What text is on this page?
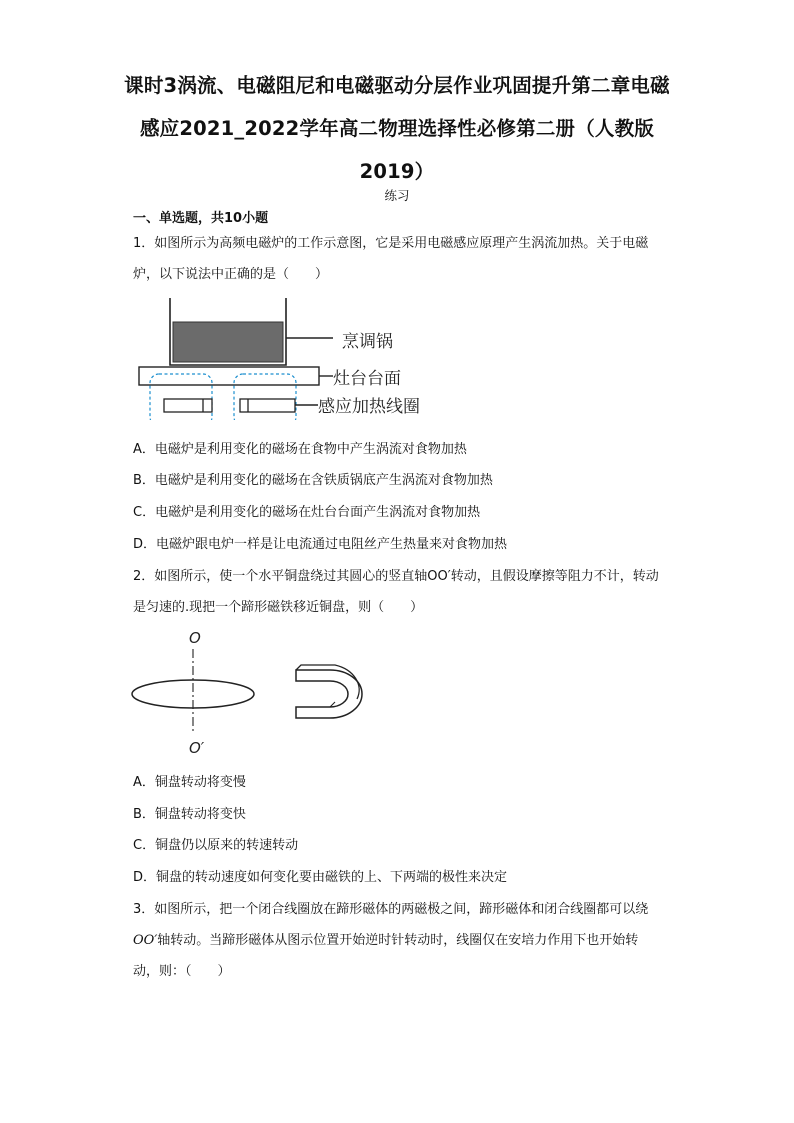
课时3涡流、电磁阻尼和电磁驱动分层作业巩固提升第二章电磁感应2021_2022学年高二物理选择性必修第二册（人教版2019）
练习
一、单选题，共10小题

1．如图所示为高频电磁炉的工作示意图，它是采用电磁感应原理产生涡流加热。关于电磁炉，以下说法中正确的是（　　）

烹调锅
灶台台面
感应加热线圈
A．电磁炉是利用变化的磁场在食物中产生涡流对食物加热
B．电磁炉是利用变化的磁场在含铁质锅底产生涡流对食物加热
C．电磁炉是利用变化的磁场在灶台台面产生涡流对食物加热
D．电磁炉跟电炉一样是让电流通过电阻丝产生热量来对食物加热

2．如图所示，使一个水平铜盘绕过其圆心的竖直轴OO′转动，且假设摩擦等阻力不计，转动是匀速的.现把一个蹄形磁铁移近铜盘，则（　　）

O
O′
A．铜盘转动将变慢
B．铜盘转动将变快
C．铜盘仍以原来的转速转动
D．铜盘的转动速度如何变化要由磁铁的上、下两端的极性来决定

3．如图所示，把一个闭合线圈放在蹄形磁体的两磁极之间，蹄形磁体和闭合线圈都可以绕OO′轴转动。当蹄形磁体从图示位置开始逆时针转动时，线圈仅在安培力作用下也开始转动，则：（　　）
